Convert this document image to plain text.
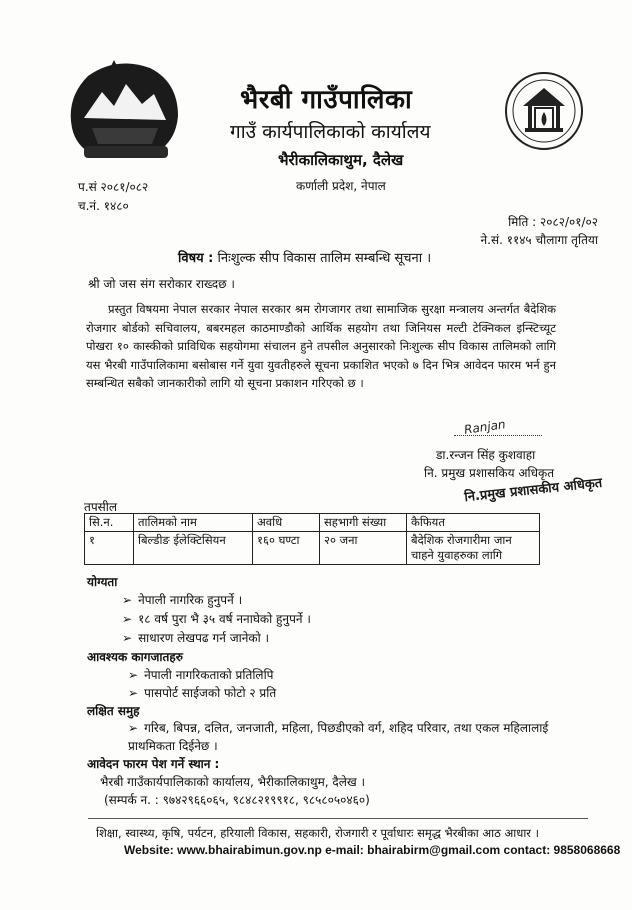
भैरबी गाउँपालिका
गाउँ कार्यपालिकाको कार्यालय
भैरीकालिकाथुम, दैलेख
कर्णाली प्रदेश, नेपाल
प.सं २०८१/०८२
च.नं. १४८०
मिति : २०८२/०१/०२
ने.सं. ११४५ चौलागा तृतिया
विषय : निःशुल्क सीप विकास तालिम सम्बन्धि सूचना ।
श्री जो जस संग सरोकार राख्दछ ।
प्रस्तुत विषयमा नेपाल सरकार नेपाल सरकार श्रम रोगजागर तथा सामाजिक सुरक्षा मन्त्रालय अन्तर्गत बैदेशिक रोजगार बोर्डको सचिवालय, बबरमहल काठमाण्डौको आर्थिक सहयोग तथा जिनियस मल्टी टेक्निकल इन्स्टिच्यूट पोखरा १० कास्कीको प्राविधिक सहयोगमा संचालन हुने तपसील अनुसारको निःशुल्क सीप विकास तालिमको लागि यस भैरबी गाउँपालिकामा बसोबास गर्ने युवा युवतीहरुले सूचना प्रकाशित भएको ७ दिन भित्र आवेदन फारम भर्न हुन सम्बन्धित सबैको जानकारीको लागि यो सूचना प्रकाशन गरिएको छ ।
Ranjan
डा.रन्जन सिंह कुशवाहा
नि. प्रमुख प्रशासकिय अधिकृत
नि.प्रमुख प्रशासकीय अधिकृत
तपसील
सि.न.	तालिमको नाम	अवधि	सहभागी संख्या	कैफियत
१	बिल्डीङ ईलेक्टिसियन	१६० घण्टा	२० जना	बैदेशिक रोजगारीमा जान चाहने युवाहरुका लागि
योग्यता
➢ नेपाली नागरिक हुनुपर्ने ।
➢ १८ वर्ष पुरा भै ३५ वर्ष ननाघेको हुनुपर्ने ।
➢ साधारण लेखपढ गर्न जानेको ।
आवश्यक कागजातहरु
➢ नेपाली नागरिकताको प्रतिलिपि
➢ पासपोर्ट साईजको फोटो २ प्रति
लक्षित समुह
➢ गरिब, बिपन्न, दलित, जनजाती, महिला, पिछडीएको वर्ग, शहिद परिवार, तथा एकल महिलालाई प्राथमिकता दिईनेछ ।
आवेदन फारम पेश गर्ने स्थान :
भैरबी गाउँकार्यपालिकाको कार्यालय, भैरीकालिकाथुम, दैलेख ।
(सम्पर्क न. : ९७४२९६६०६५, ९८४८२१९९१८, ९८५८०५०४६०)
शिक्षा, स्वास्थ्य, कृषि, पर्यटन, हरियाली विकास, सहकारी, रोजगारी र पूर्वाधारः समृद्ध भैरबीका आठ आधार ।
Website: www.bhairabimun.gov.np e-mail: bhairabirm@gmail.com contact: 9858068668
